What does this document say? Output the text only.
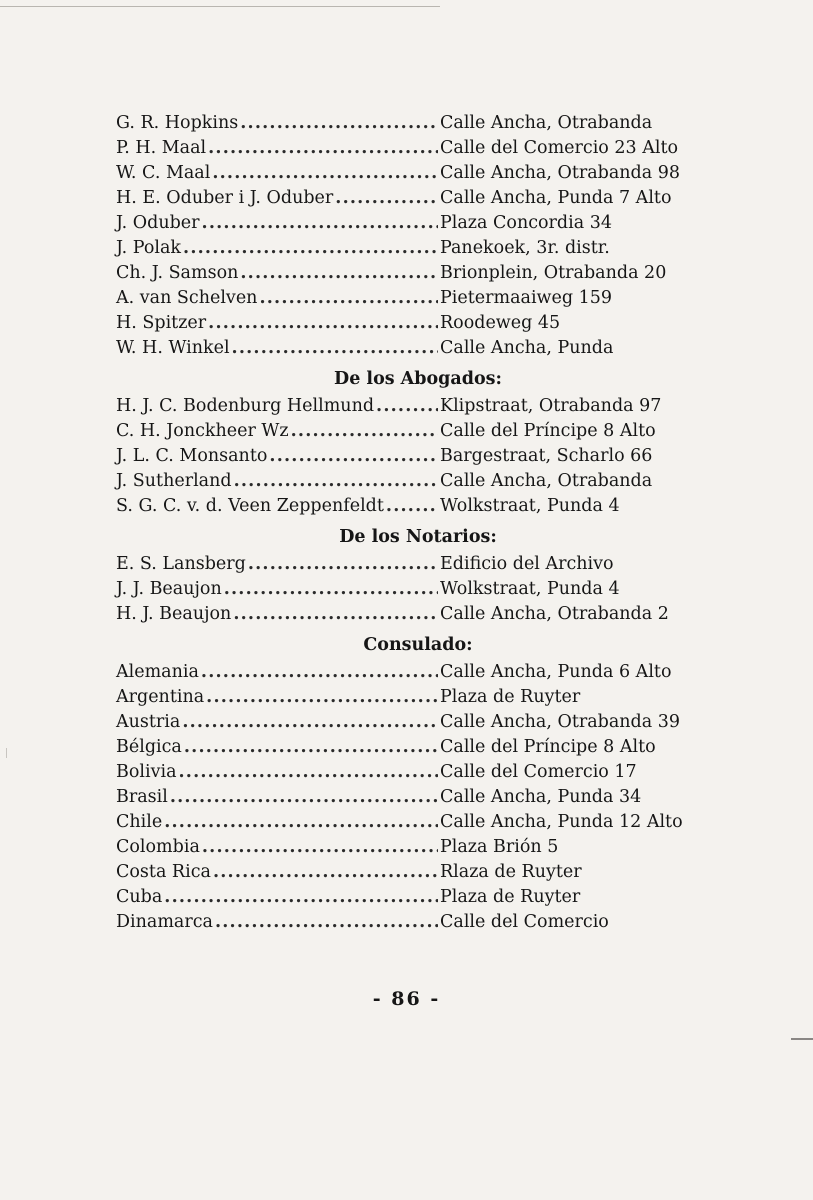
G. R. Hopkins .....	Calle Ancha, Otrabanda
P. H. Maal .....	Calle del Comercio 23 Alto
W. C. Maal .....	Calle Ancha, Otrabanda 98
H. E. Oduber i J. Oduber .....	Calle Ancha, Punda 7 Alto
J. Oduber .....	Plaza Concordia 34
J. Polak .....	Panekoek, 3r. distr.
Ch. J. Samson .....	Brionplein, Otrabanda 20
A. van Schelven .....	Pietermaaiweg 159
H. Spitzer .....	Roodeweg 45
W. H. Winkel .....	Calle Ancha, Punda
De los Abogados:
H. J. C. Bodenburg Hellmund .....	Klipstraat, Otrabanda 97
C. H. Jonckheer Wz .....	Calle del Príncipe 8 Alto
J. L. C. Monsanto .....	Bargestraat, Scharlo 66
J. Sutherland .....	Calle Ancha, Otrabanda
S. G. C. v. d. Veen Zeppenfeldt .....	Wolkstraat, Punda 4
De los Notarios:
E. S. Lansberg .....	Edificio del Archivo
J. J. Beaujon .....	Wolkstraat, Punda 4
H. J. Beaujon .....	Calle Ancha, Otrabanda 2
Consulado:
Alemania .....	Calle Ancha, Punda 6 Alto
Argentina .....	Plaza de Ruyter
Austria .....	Calle Ancha, Otrabanda 39
Bélgica .....	Calle del Príncipe 8 Alto
Bolivia .....	Calle del Comercio 17
Brasil .....	Calle Ancha, Punda 34
Chile .....	Calle Ancha, Punda 12 Alto
Colombia .....	Plaza Brión 5
Costa Rica .....	Rlaza de Ruyter
Cuba .....	Plaza de Ruyter
Dinamarca .....	Calle del Comercio
- 86 -
